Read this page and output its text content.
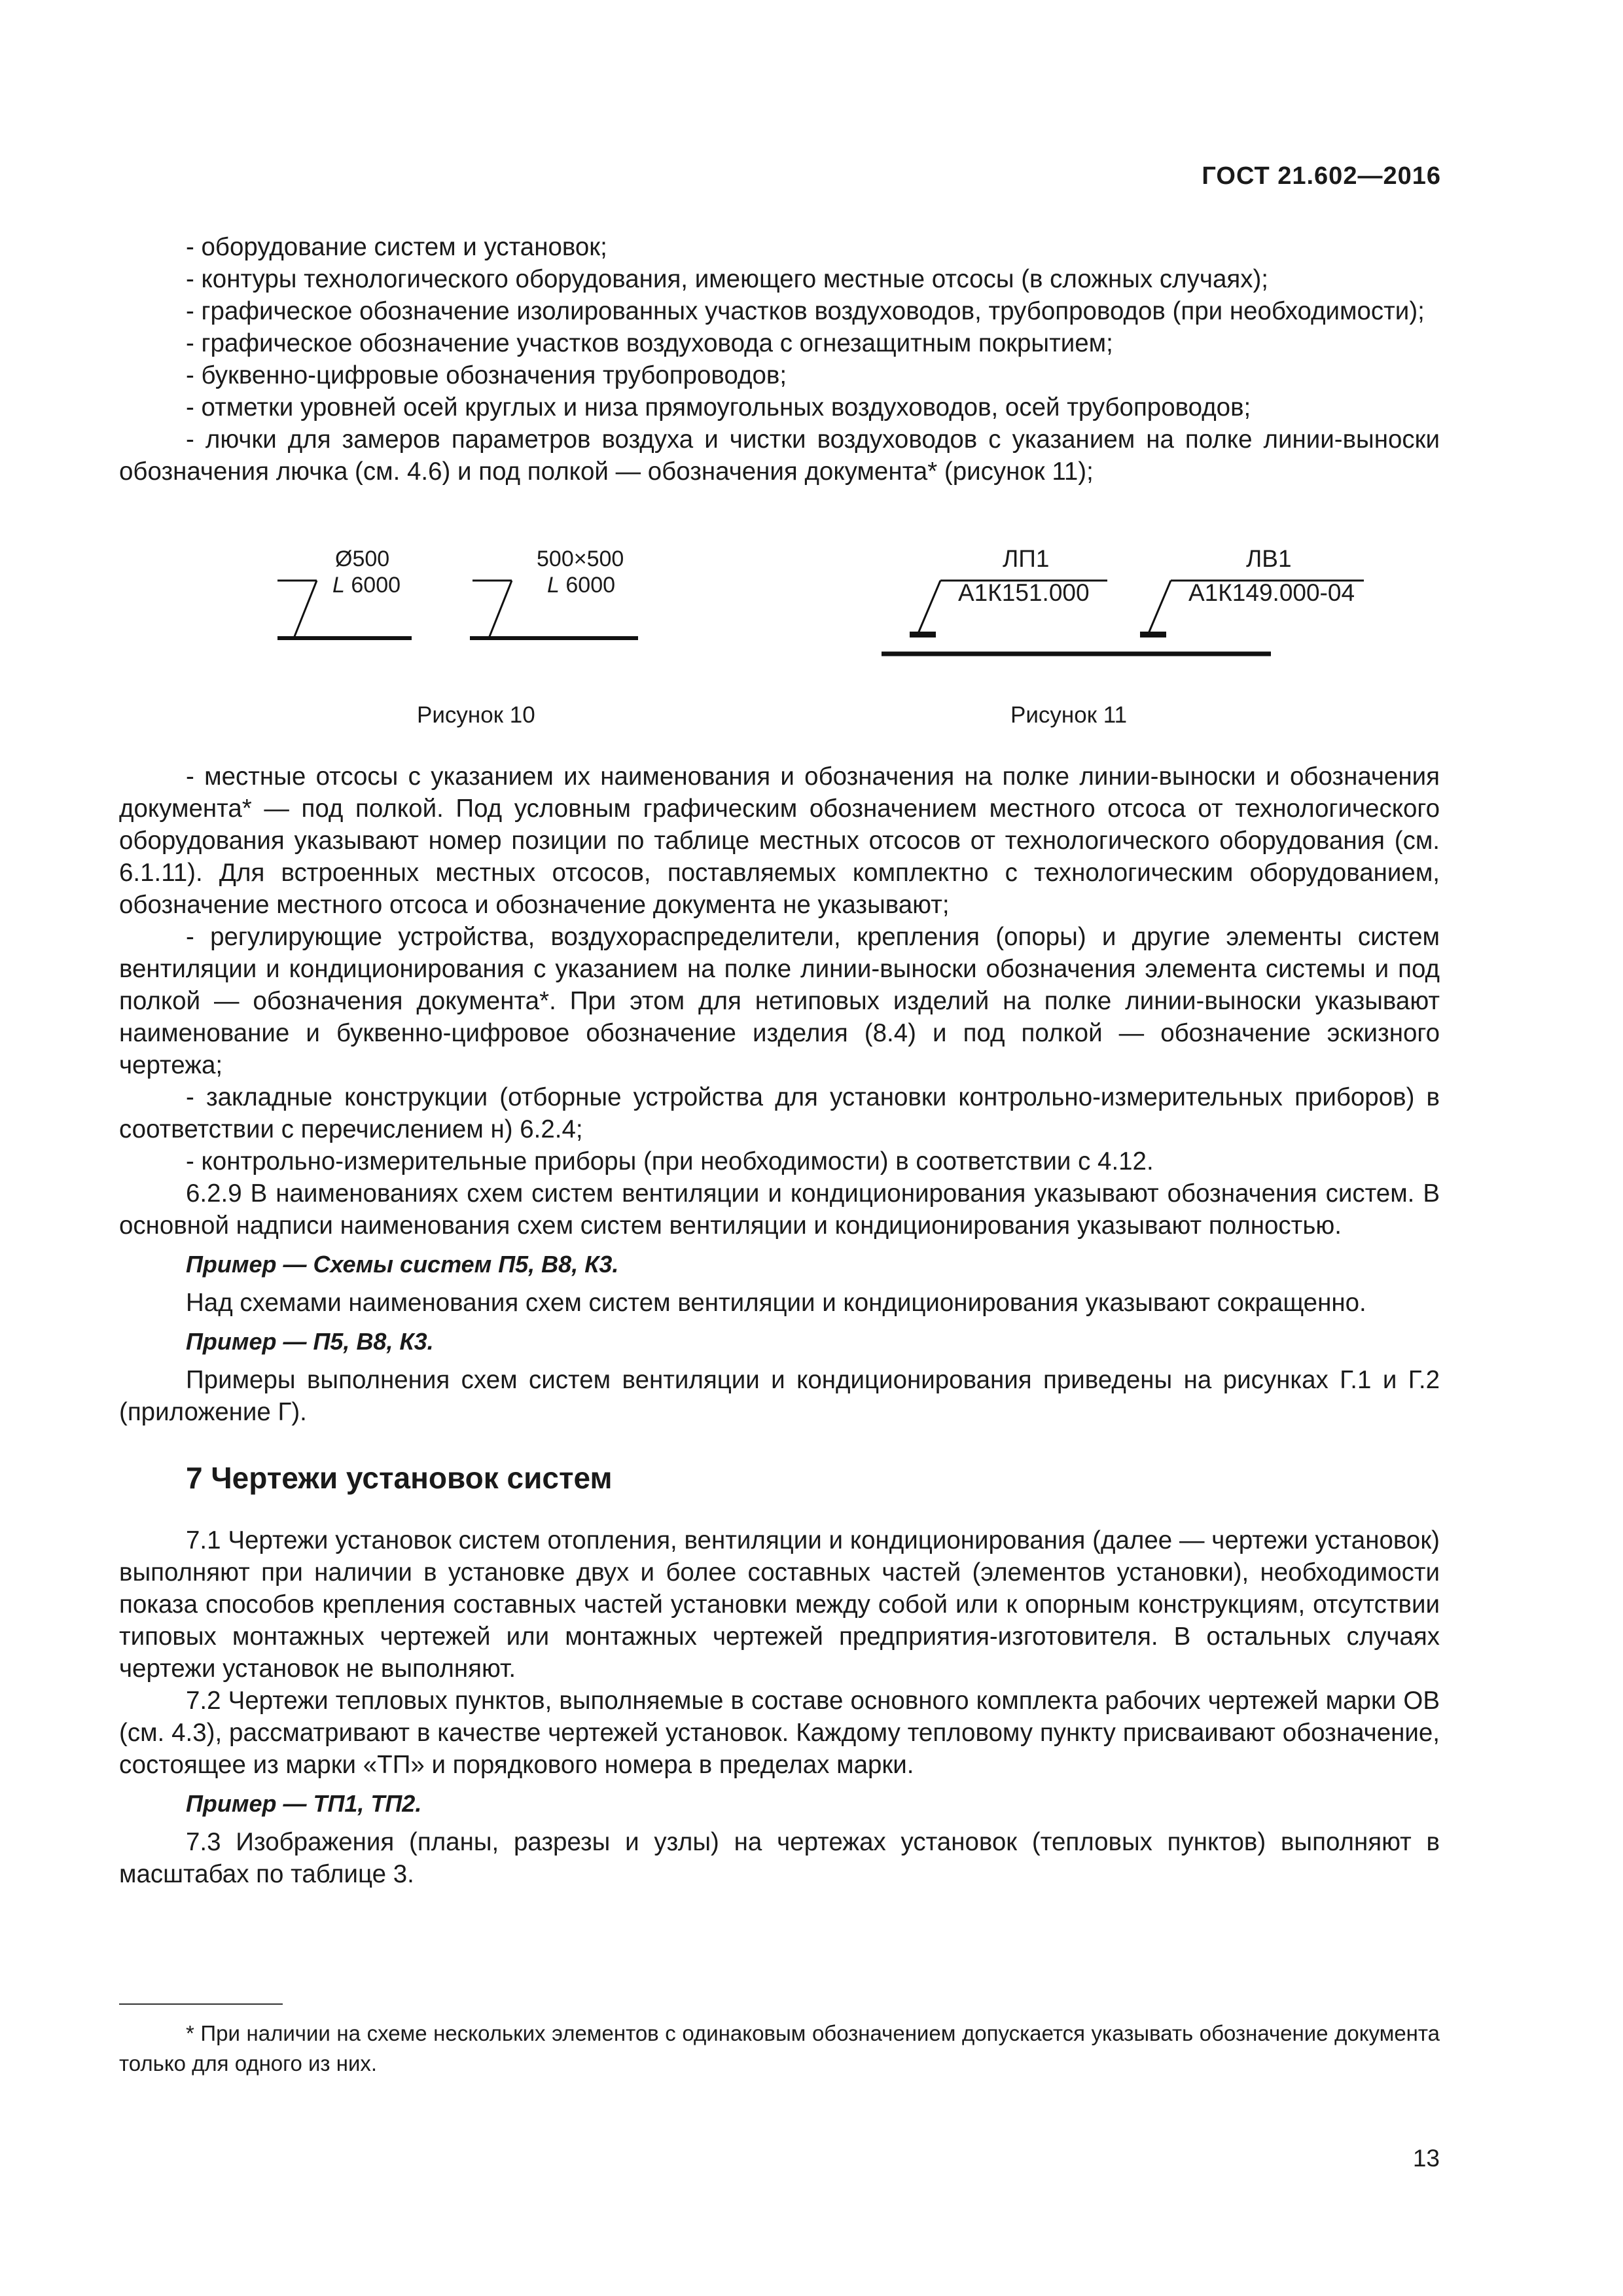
ГОСТ 21.602—2016

- оборудование систем и установок;

- контуры технологического оборудования, имеющего местные отсосы (в сложных случаях);

- графическое обозначение изолированных участков воздуховодов, трубопроводов (при необходимости);

- графическое обозначение участков воздуховода с огнезащитным покрытием;

- буквенно-цифровые обозначения трубопроводов;

- отметки уровней осей круглых и низа прямоугольных воздуховодов, осей трубопроводов;

- лючки для замеров параметров воздуха и чистки воздуховодов с указанием на полке линии-выноски обозначения лючка (см. 4.6) и под полкой — обозначения документа* (рисунок 11);

Ø500
L 6000
500×500
L 6000
Рисунок 10
ЛП1
А1К151.000
ЛВ1
А1К149.000-04
Рисунок 11

- местные отсосы с указанием их наименования и обозначения на полке линии-выноски и обозначения документа* — под полкой. Под условным графическим обозначением местного отсоса от технологического оборудования указывают номер позиции по таблице местных отсосов от технологического оборудования (см. 6.1.11). Для встроенных местных отсосов, поставляемых комплектно с технологическим оборудованием, обозначение местного отсоса и обозначение документа не указывают;

- регулирующие устройства, воздухораспределители, крепления (опоры) и другие элементы систем вентиляции и кондиционирования с указанием на полке линии-выноски обозначения элемента системы и под полкой — обозначения документа*. При этом для нетиповых изделий на полке линии-выноски указывают наименование и буквенно-цифровое обозначение изделия (8.4) и под полкой — обозначение эскизного чертежа;

- закладные конструкции (отборные устройства для установки контрольно-измерительных приборов) в соответствии с перечислением н) 6.2.4;

- контрольно-измерительные приборы (при необходимости) в соответствии с 4.12.

6.2.9 В наименованиях схем систем вентиляции и кондиционирования указывают обозначения систем. В основной надписи наименования схем систем вентиляции и кондиционирования указывают полностью.

Пример — Схемы систем П5, В8, К3.

Над схемами наименования схем систем вентиляции и кондиционирования указывают сокращенно.

Пример — П5, В8, К3.

Примеры выполнения схем систем вентиляции и кондиционирования приведены на рисунках Г.1 и Г.2 (приложение Г).

7 Чертежи установок систем

7.1 Чертежи установок систем отопления, вентиляции и кондиционирования (далее — чертежи установок) выполняют при наличии в установке двух и более составных частей (элементов установки), необходимости показа способов крепления составных частей установки между собой или к опорным конструкциям, отсутствии типовых монтажных чертежей или монтажных чертежей предприятия-изготовителя. В остальных случаях чертежи установок не выполняют.

7.2 Чертежи тепловых пунктов, выполняемые в составе основного комплекта рабочих чертежей марки ОВ (см. 4.3), рассматривают в качестве чертежей установок. Каждому тепловому пункту присваивают обозначение, состоящее из марки «ТП» и порядкового номера в пределах марки.

Пример — ТП1, ТП2.

7.3 Изображения (планы, разрезы и узлы) на чертежах установок (тепловых пунктов) выполняют в масштабах по таблице 3.

* При наличии на схеме нескольких элементов с одинаковым обозначением допускается указывать обозначение документа только для одного из них.
13
